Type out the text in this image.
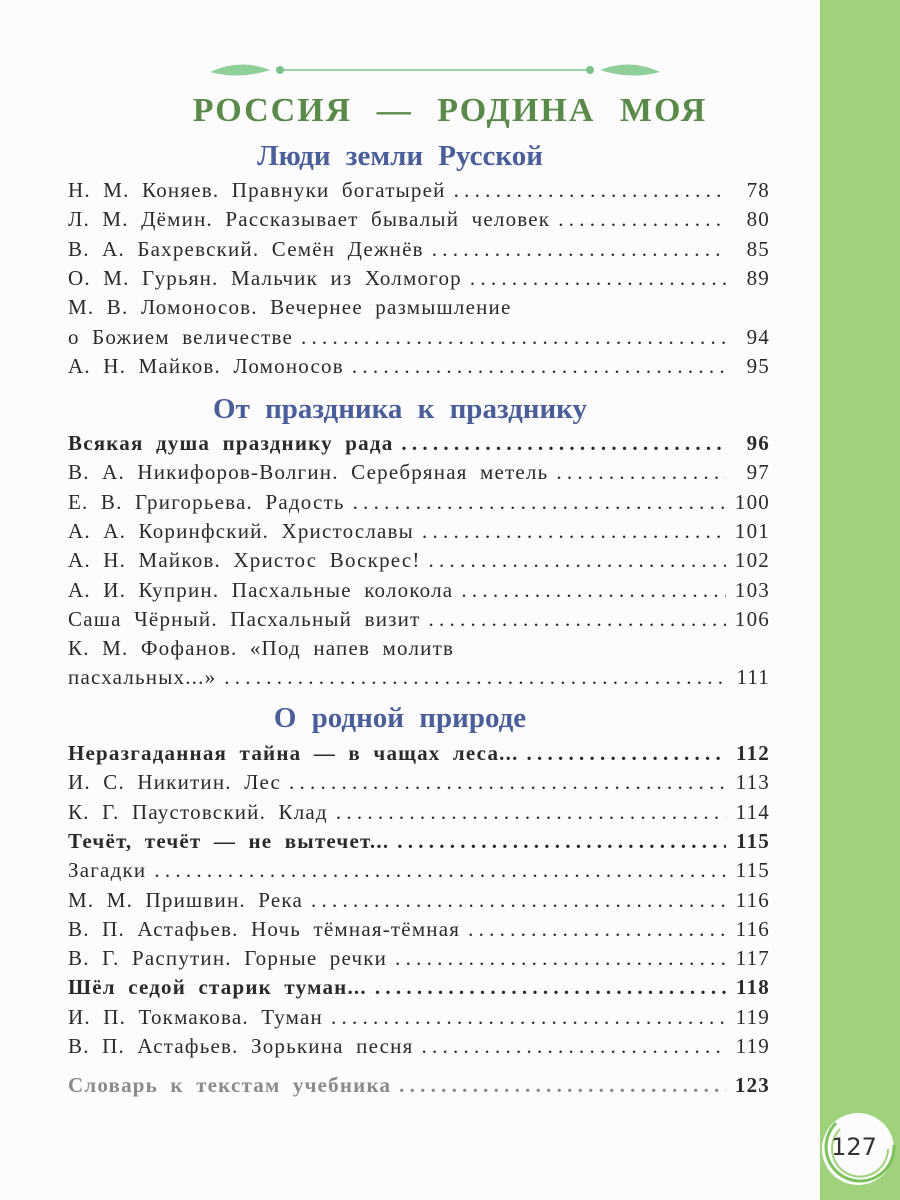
127
РОССИЯ — РОДИНА МОЯ
Люди земли Русской
Н. М. Коняев. Правнуки богатырей . . .	78
Л. М. Дёмин. Рассказывает бывалый человек . . .	80
В. А. Бахревский. Семён Дежнёв . . .	85
О. М. Гурьян. Мальчик из Холмогор . . .	89
М. В. Ломоносов. Вечернее размышление
о Божием величестве . . .	94
А. Н. Майков. Ломоносов . . .	95
От праздника к празднику
Всякая душа празднику рада . . .	96
В. А. Никифоров-Волгин. Серебряная метель . . .	97
Е. В. Григорьева. Радость . . .	100
А. А. Коринфский. Христославы . . .	101
А. Н. Майков. Христос Воскрес! . . .	102
А. И. Куприн. Пасхальные колокола . . .	103
Саша Чёрный. Пасхальный визит . . .	106
К. М. Фофанов. «Под напев молитв
пасхальных...» . . .	111
О родной природе
Неразгаданная тайна — в чащах леса... . . .	112
И. С. Никитин. Лес . . .	113
К. Г. Паустовский. Клад . . .	114
Течёт, течёт — не вытечет... . . .	115
Загадки . . .	115
М. М. Пришвин. Река . . .	116
В. П. Астафьев. Ночь тёмная-тёмная . . .	116
В. Г. Распутин. Горные речки . . .	117
Шёл седой старик туман... . . .	118
И. П. Токмакова. Туман . . .	119
В. П. Астафьев. Зорькина песня . . .	119
Словарь к текстам учебника . . .	123
